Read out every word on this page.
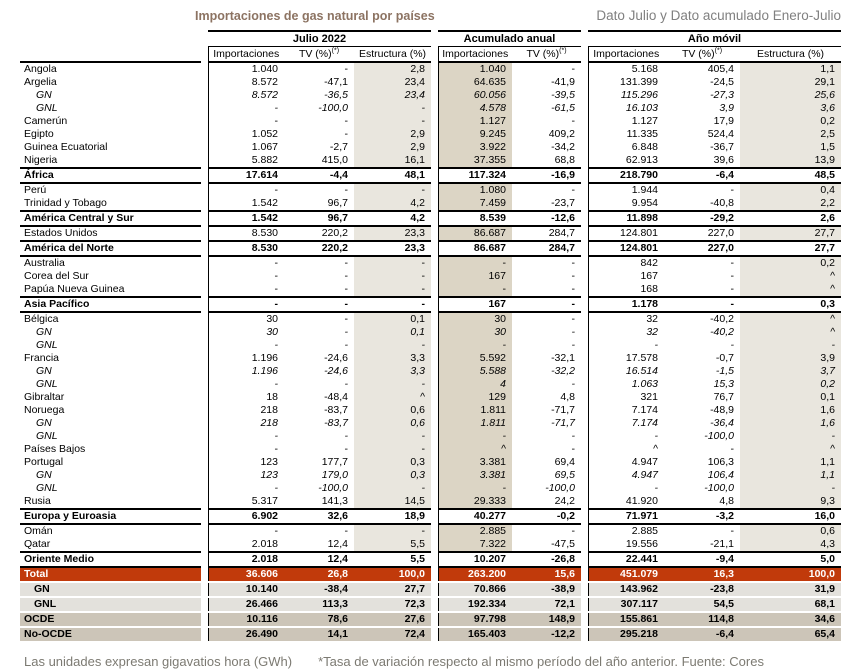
Importaciones de gas natural por países	Dato Julio y Dato acumulado Enero-Julio
		Julio 2022				Acumulado anual			Año móvil		
		Importaciones	TV (%)(*)	Estructura (%)		Importaciones	TV (%)(*)		Importaciones	TV (%)(*)	Estructura (%)
Angola		1.040	-	2,8		1.040	-		5.168	405,4	1,1
Argelia		8.572	-47,1	23,4		64.635	-41,9		131.399	-24,5	29,1
GN		8.572	-36,5	23,4		60.056	-39,5		115.296	-27,3	25,6
GNL		-	-100,0	-		4.578	-61,5		16.103	3,9	3,6
Camerún		-	-	-		1.127	-		1.127	17,9	0,2
Egipto		1.052	-	2,9		9.245	409,2		11.335	524,4	2,5
Guinea Ecuatorial		1.067	-2,7	2,9		3.922	-34,2		6.848	-36,7	1,5
Nigeria		5.882	415,0	16,1		37.355	68,8		62.913	39,6	13,9
África		17.614	-4,4	48,1		117.324	-16,9		218.790	-6,4	48,5
Perú		-	-	-		1.080	-		1.944	-	0,4
Trinidad y Tobago		1.542	96,7	4,2		7.459	-23,7		9.954	-40,8	2,2
América Central y Sur		1.542	96,7	4,2		8.539	-12,6		11.898	-29,2	2,6
Estados Unidos		8.530	220,2	23,3		86.687	284,7		124.801	227,0	27,7
América del Norte		8.530	220,2	23,3		86.687	284,7		124.801	227,0	27,7
Australia		-	-	-		-	-		842	-	0,2
Corea del Sur		-	-	-		167	-		167	-	^
Papúa Nueva Guinea		-	-	-		-	-		168	-	^
Asia Pacífico		-	-	-		167	-		1.178	-	0,3
Bélgica		30	-	0,1		30	-		32	-40,2	^
GN		30	-	0,1		30	-		32	-40,2	^
GNL		-	-	-		-	-		-	-	-
Francia		1.196	-24,6	3,3		5.592	-32,1		17.578	-0,7	3,9
GN		1.196	-24,6	3,3		5.588	-32,2		16.514	-1,5	3,7
GNL		-	-	-		4	-		1.063	15,3	0,2
Gibraltar		18	-48,4	^		129	4,8		321	76,7	0,1
Noruega		218	-83,7	0,6		1.811	-71,7		7.174	-48,9	1,6
GN		218	-83,7	0,6		1.811	-71,7		7.174	-36,4	1,6
GNL		-	-	-		-	-		-	-100,0	-
Países Bajos		-	-	-		^	-		^	-	^
Portugal		123	177,7	0,3		3.381	69,4		4.947	106,3	1,1
GN		123	179,0	0,3		3.381	69,5		4.947	106,4	1,1
GNL		-	-100,0	-		-	-100,0		-	-100,0	-
Rusia		5.317	141,3	14,5		29.333	24,2		41.920	4,8	9,3
Europa y Euroasia		6.902	32,6	18,9		40.277	-0,2		71.971	-3,2	16,0
Omán		-	-	-		2.885	-		2.885	-	0,6
Qatar		2.018	12,4	5,5		7.322	-47,5		19.556	-21,1	4,3
Oriente Medio		2.018	12,4	5,5		10.207	-26,8		22.441	-9,4	5,0
Total		36.606	26,8	100,0		263.200	15,6		451.079	16,3	100,0
GN		10.140	-38,4	27,7		70.866	-38,9		143.962	-23,8	31,9
GNL		26.466	113,3	72,3		192.334	72,1		307.117	54,5	68,1
OCDE		10.116	78,6	27,6		97.798	148,9		155.861	114,8	34,6
No-OCDE		26.490	14,1	72,4		165.403	-12,2		295.218	-6,4	65,4
Las unidades expresan gigavatios hora (GWh) *Tasa de variación respecto al mismo período del año anterior. Fuente: Cores
